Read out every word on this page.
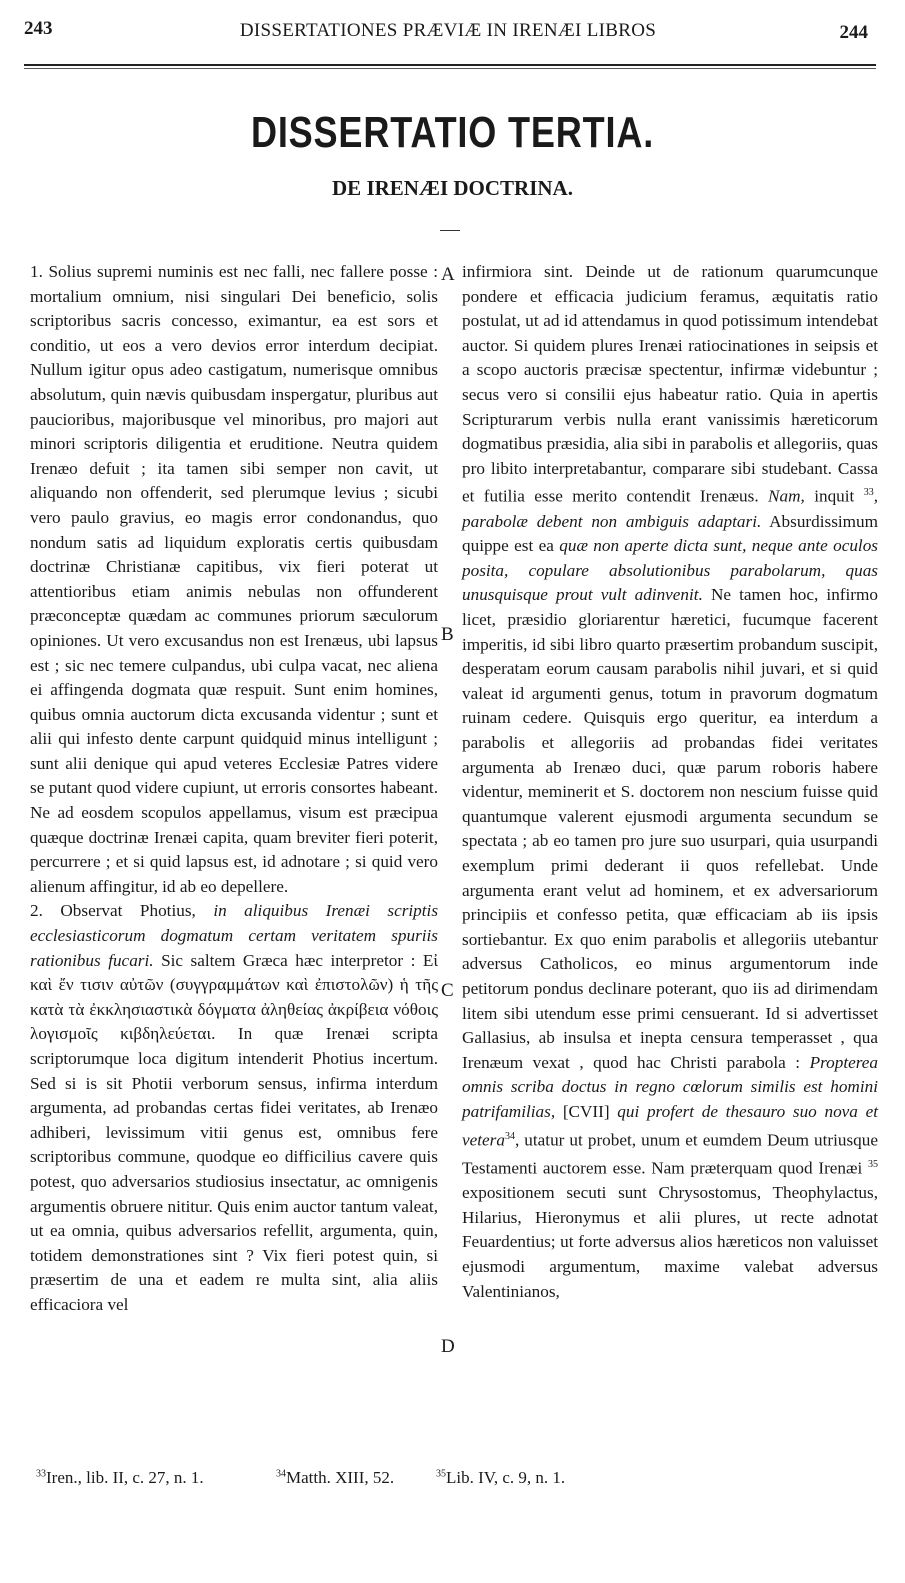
243	DISSERTATIONES PRÆVIÆ IN IRENÆI LIBROS	244
DISSERTATIO TERTIA.
DE IRENÆI DOCTRINA.

1. Solius supremi numinis est nec falli, nec fallere posse : mortalium omnium, nisi singulari Dei beneficio, solis scriptoribus sacris concesso, eximantur, ea est sors et conditio, ut eos a vero devios error interdum decipiat. Nullum igitur opus adeo castigatum, numerisque omnibus absolutum, quin nævis quibusdam inspergatur, pluribus aut paucioribus, majoribusque vel minoribus, pro majori aut minori scriptoris diligentia et eruditione. Neutra quidem Irenæo defuit ; ita tamen sibi semper non cavit, ut aliquando non offenderit, sed plerumque levius ; sicubi vero paulo gravius, eo magis error condonandus, quo nondum satis ad liquidum exploratis certis quibusdam doctrinæ Christianæ capitibus, vix fieri poterat ut attentioribus etiam animis nebulas non offunderent præconceptæ quædam ac communes priorum sæculorum opiniones. Ut vero excusandus non est Irenæus, ubi lapsus est ; sic nec temere culpandus, ubi culpa vacat, nec aliena ei affingenda dogmata quæ respuit. Sunt enim homines, quibus omnia auctorum dicta excusanda videntur ; sunt et alii qui infesto dente carpunt quidquid minus intelligunt ; sunt alii denique qui apud veteres Ecclesiæ Patres videre se putant quod videre cupiunt, ut erroris consortes habeant. Ne ad eosdem scopulos appellamus, visum est præcipua quæque doctrinæ Irenæi capita, quam breviter fieri poterit, percurrere ; et si quid lapsus est, id adnotare ; si quid vero alienum affingitur, id ab eo depellere.

2. Observat Photius, in aliquibus Irenæi scriptis ecclesiasticorum dogmatum certam veritatem spuriis rationibus fucari. Sic saltem Græca hæc interpretor : Εἰ καὶ ἔν τισιν αὐτῶν (συγγραμμάτων καὶ ἐπιστολῶν) ἡ τῆς κατὰ τὰ ἐκκλησιαστικὰ δόγματα ἀληθείας ἀκρίβεια νόθοις λογισμοῖς κιβδηλεύεται. In quæ Irenæi scripta scriptorumque loca digitum intenderit Photius incertum. Sed si is sit Photii verborum sensus, infirma interdum argumenta, ad probandas certas fidei veritates, ab Irenæo adhiberi, levissimum vitii genus est, omnibus fere scriptoribus commune, quodque eo difficilius cavere quis potest, quo adversarios studiosius insectatur, ac omnigenis argumentis obruere nititur. Quis enim auctor tantum valeat, ut ea omnia, quibus adversarios refellit, argumenta, quin, totidem demonstrationes sint ? Vix fieri potest quin, si præsertim de una et eadem re multa sint, alia aliis efficaciora vel

A
B
C
D

infirmiora sint. Deinde ut de rationum quarumcunque pondere et efficacia judicium feramus, æquitatis ratio postulat, ut ad id attendamus in quod potissimum intendebat auctor. Si quidem plures Irenæi ratiocinationes in seipsis et a scopo auctoris præcisæ spectentur, infirmæ videbuntur ; secus vero si consilii ejus habeatur ratio. Quia in apertis Scripturarum verbis nulla erant vanissimis hæreticorum dogmatibus præsidia, alia sibi in parabolis et allegoriis, quas pro libito interpretabantur, comparare sibi studebant. Cassa et futilia esse merito contendit Irenæus. Nam, inquit $^{33}$, parabolæ debent non ambiguis adaptari. Absurdissimum quippe est ea quæ non aperte dicta sunt, neque ante oculos posita, copulare absolutionibus parabolarum, quas unusquisque prout vult adinvenit. Ne tamen hoc, infirmo licet, præsidio gloriarentur hæretici, fucumque facerent imperitis, id sibi libro quarto præsertim probandum suscipit, desperatam eorum causam parabolis nihil juvari, et si quid valeat id argumenti genus, totum in pravorum dogmatum ruinam cedere. Quisquis ergo queritur, ea interdum a parabolis et allegoriis ad probandas fidei veritates argumenta ab Irenæo duci, quæ parum roboris habere videntur, meminerit et S. doctorem non nescium fuisse quid quantumque valerent ejusmodi argumenta secundum se spectata ; ab eo tamen pro jure suo usurpari, quia usurpandi exemplum primi dederant ii quos refellebat. Unde argumenta erant velut ad hominem, et ex adversariorum principiis et confesso petita, quæ efficaciam ab iis ipsis sortiebantur. Ex quo enim parabolis et allegoriis utebantur adversus Catholicos, eo minus argumentorum inde petitorum pondus declinare poterant, quo iis ad dirimendam litem sibi utendum esse primi censuerant. Id si advertisset Gallasius, ab insulsa et inepta censura temperasset , qua Irenæum vexat , quod hac Christi parabola : Propterea omnis scriba doctus in regno cœlorum similis est homini patrifamilias, [CVII] qui profert de thesauro suo nova et vetera$^{34}$, utatur ut probet, unum et eumdem Deum utriusque Testamenti auctorem esse. Nam præterquam quod Irenæi $^{35}$ expositionem secuti sunt Chrysostomus, Theophylactus, Hilarius, Hieronymus et alii plures, ut recte adnotat Feuardentius; ut forte adversus alios hæreticos non valuisset ejusmodi argumentum, maxime valebat adversus Valentinianos,

$^{33}$Iren., lib. II, c. 27, n. 1.	$^{34}$Matth. XIII, 52.	$^{35}$Lib. IV, c. 9, n. 1.
